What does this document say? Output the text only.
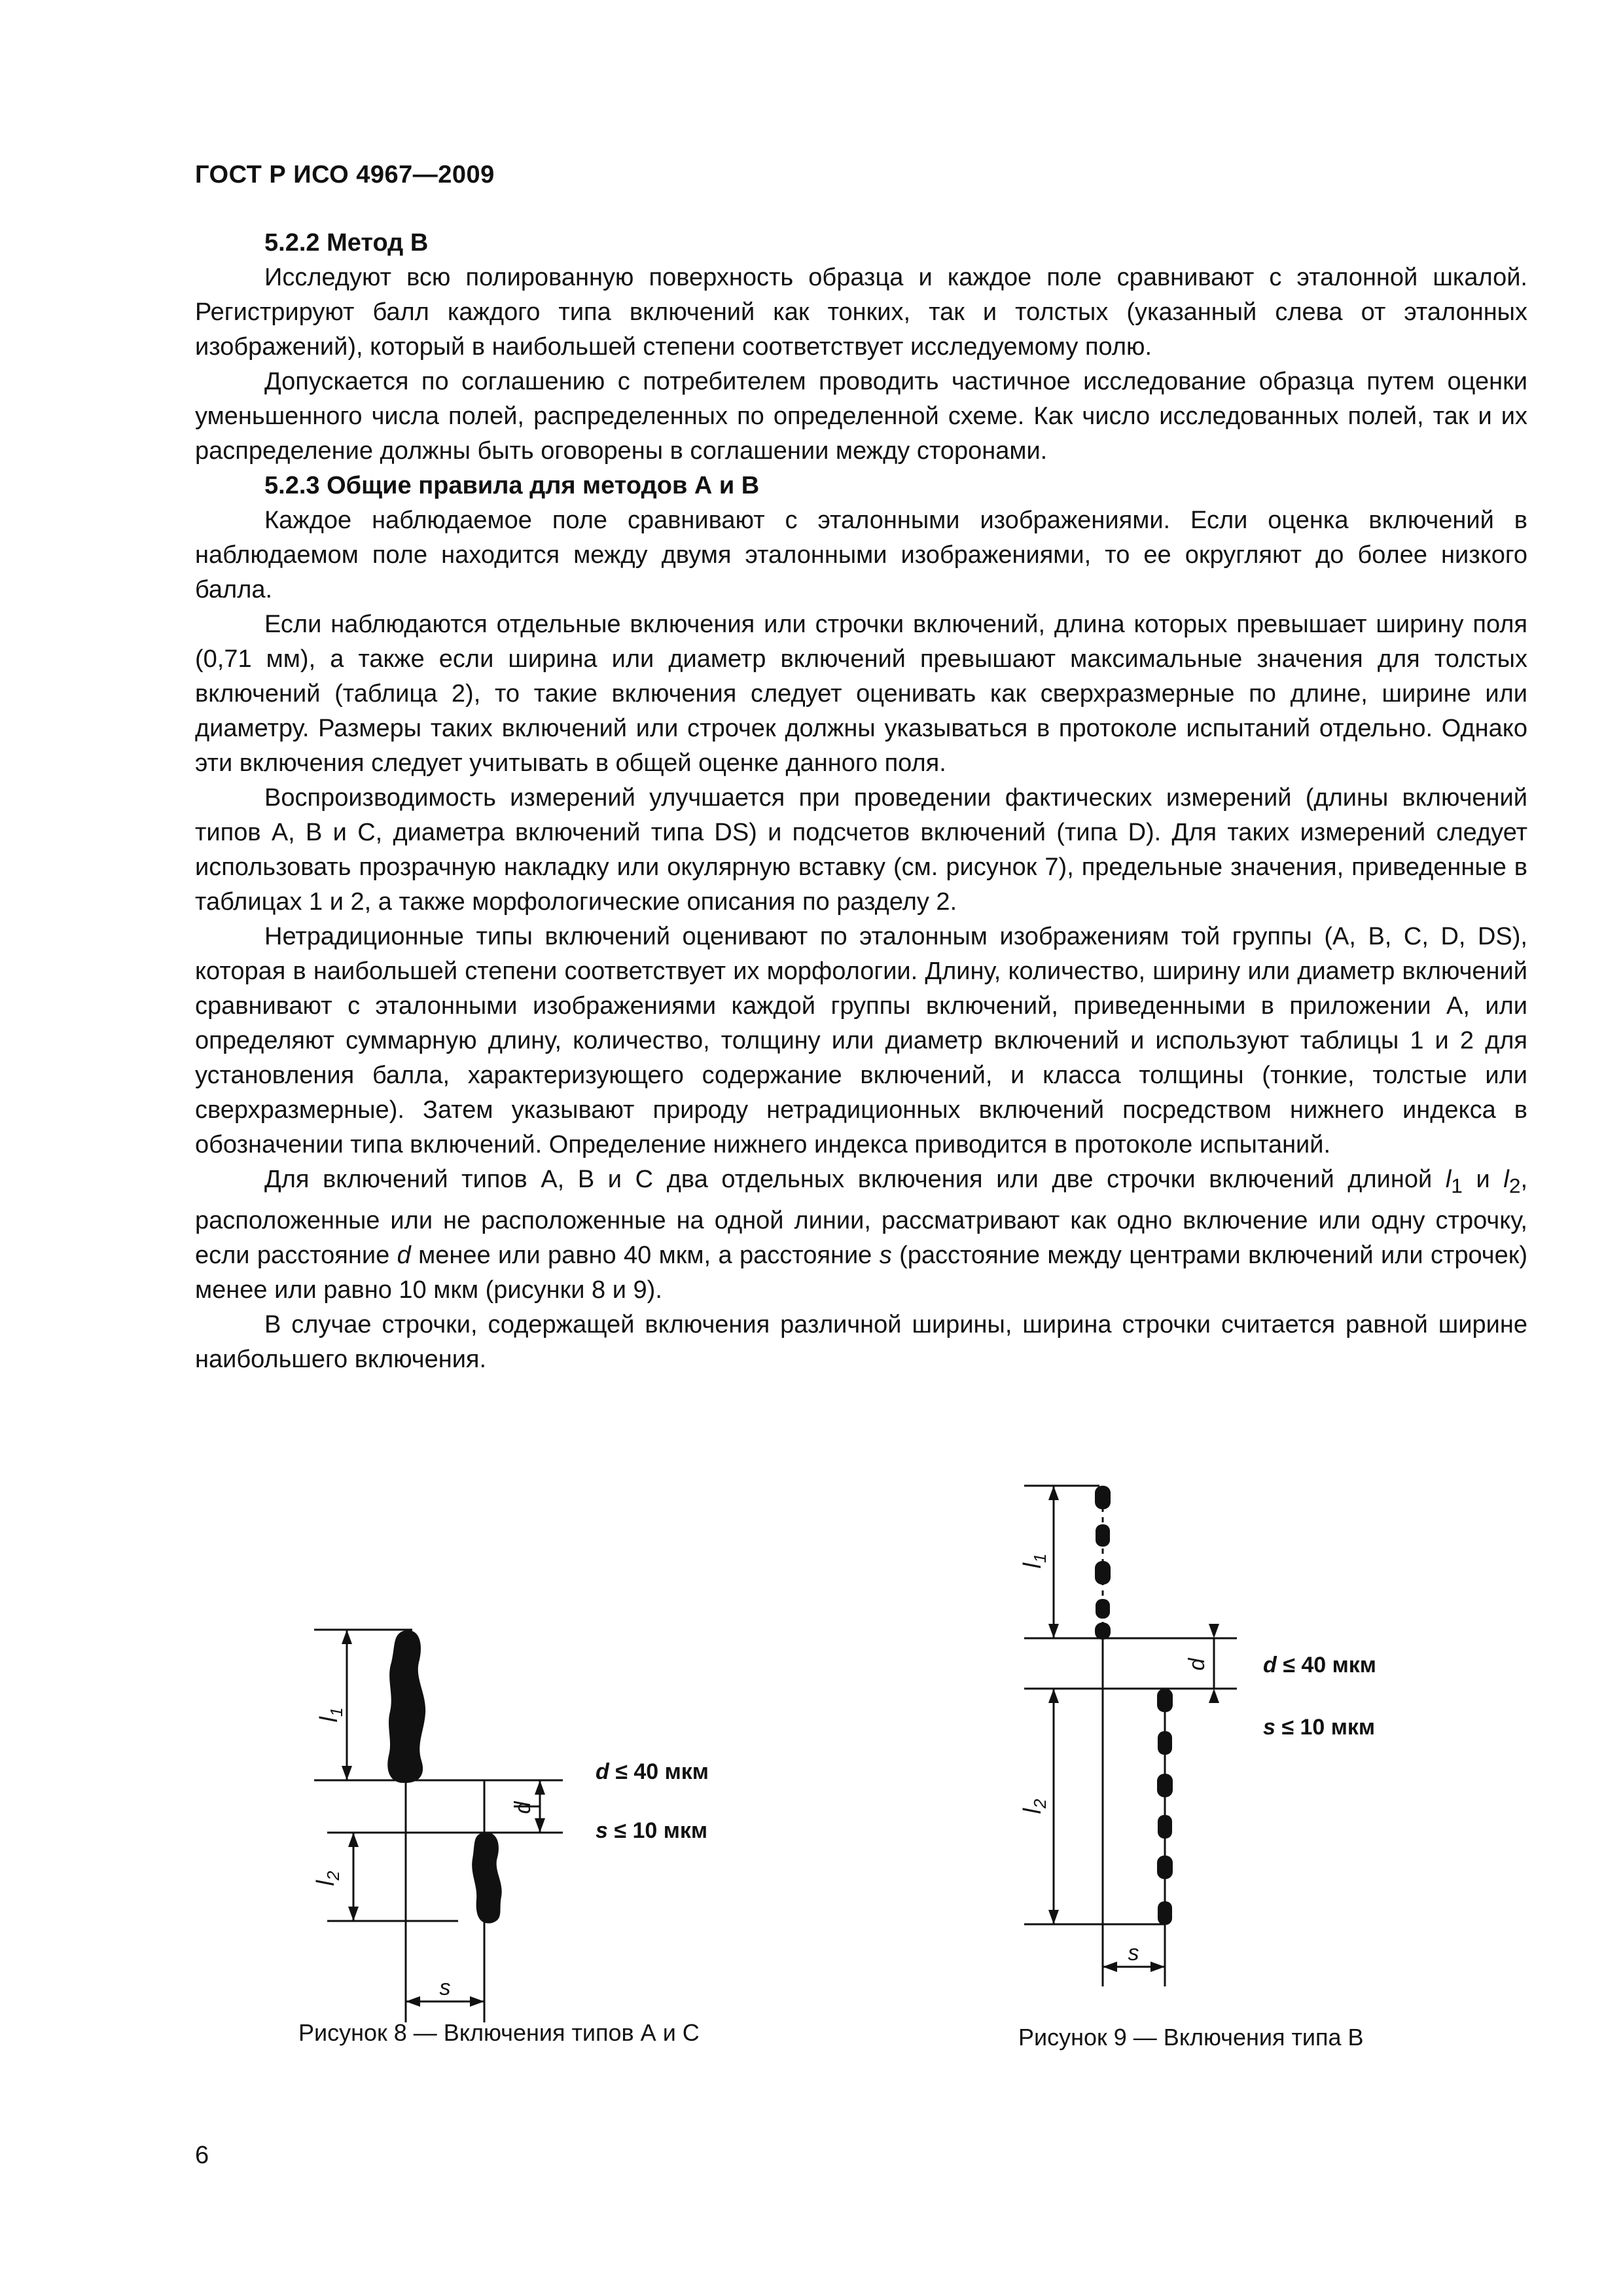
ГОСТ Р ИСО 4967—2009

5.2.2 Метод В

Исследуют всю полированную поверхность образца и каждое поле сравнивают с эталонной шкалой. Регистрируют балл каждого типа включений как тонких, так и толстых (указанный слева от эталонных изображений), который в наибольшей степени соответствует исследуемому полю.

Допускается по соглашению с потребителем проводить частичное исследование образца путем оценки уменьшенного числа полей, распределенных по определенной схеме. Как число исследованных полей, так и их распределение должны быть оговорены в соглашении между сторонами.

5.2.3 Общие правила для методов А и В

Каждое наблюдаемое поле сравнивают с эталонными изображениями. Если оценка включений в наблюдаемом поле находится между двумя эталонными изображениями, то ее округляют до более низкого балла.

Если наблюдаются отдельные включения или строчки включений, длина которых превышает ширину поля (0,71 мм), а также если ширина или диаметр включений превышают максимальные значения для толстых включений (таблица 2), то такие включения следует оценивать как сверхразмерные по длине, ширине или диаметру. Размеры таких включений или строчек должны указываться в протоколе испытаний отдельно. Однако эти включения следует учитывать в общей оценке данного поля.

Воспроизводимость измерений улучшается при проведении фактических измерений (длины включений типов А, В и С, диаметра включений типа DS) и подсчетов включений (типа D). Для таких измерений следует использовать прозрачную накладку или окулярную вставку (см. рисунок 7), предельные значения, приведенные в таблицах 1 и 2, а также морфологические описания по разделу 2.

Нетрадиционные типы включений оценивают по эталонным изображениям той группы (А, В, С, D, DS), которая в наибольшей степени соответствует их морфологии. Длину, количество, ширину или диаметр включений сравнивают с эталонными изображениями каждой группы включений, приведенными в приложении А, или определяют суммарную длину, количество, толщину или диаметр включений и используют таблицы 1 и 2 для установления балла, характеризующего содержание включений, и класса толщины (тонкие, толстые или сверхразмерные). Затем указывают природу нетрадиционных включений посредством нижнего индекса в обозначении типа включений. Определение нижнего индекса приводится в протоколе испытаний.

Для включений типов А, В и С два отдельных включения или две строчки включений длиной $l_1$ и $l_2$, расположенные или не расположенные на одной линии, рассматривают как одно включение или одну строчку, если расстояние d менее или равно 40 мкм, а расстояние s (расстояние между центрами включений или строчек) менее или равно 10 мкм (рисунки 8 и 9).

В случае строчки, содержащей включения различной ширины, ширина строчки считается равной ширине наибольшего включения.

$l_1$
$l_2$
d
s
d ≤ 40 мкм
s ≤ 10 мкм
Рисунок 8 — Включения типов А и С
$l_1$
$l_2$
d
s
d ≤ 40 мкм
s ≤ 10 мкм
Рисунок 9 — Включения типа В
6
